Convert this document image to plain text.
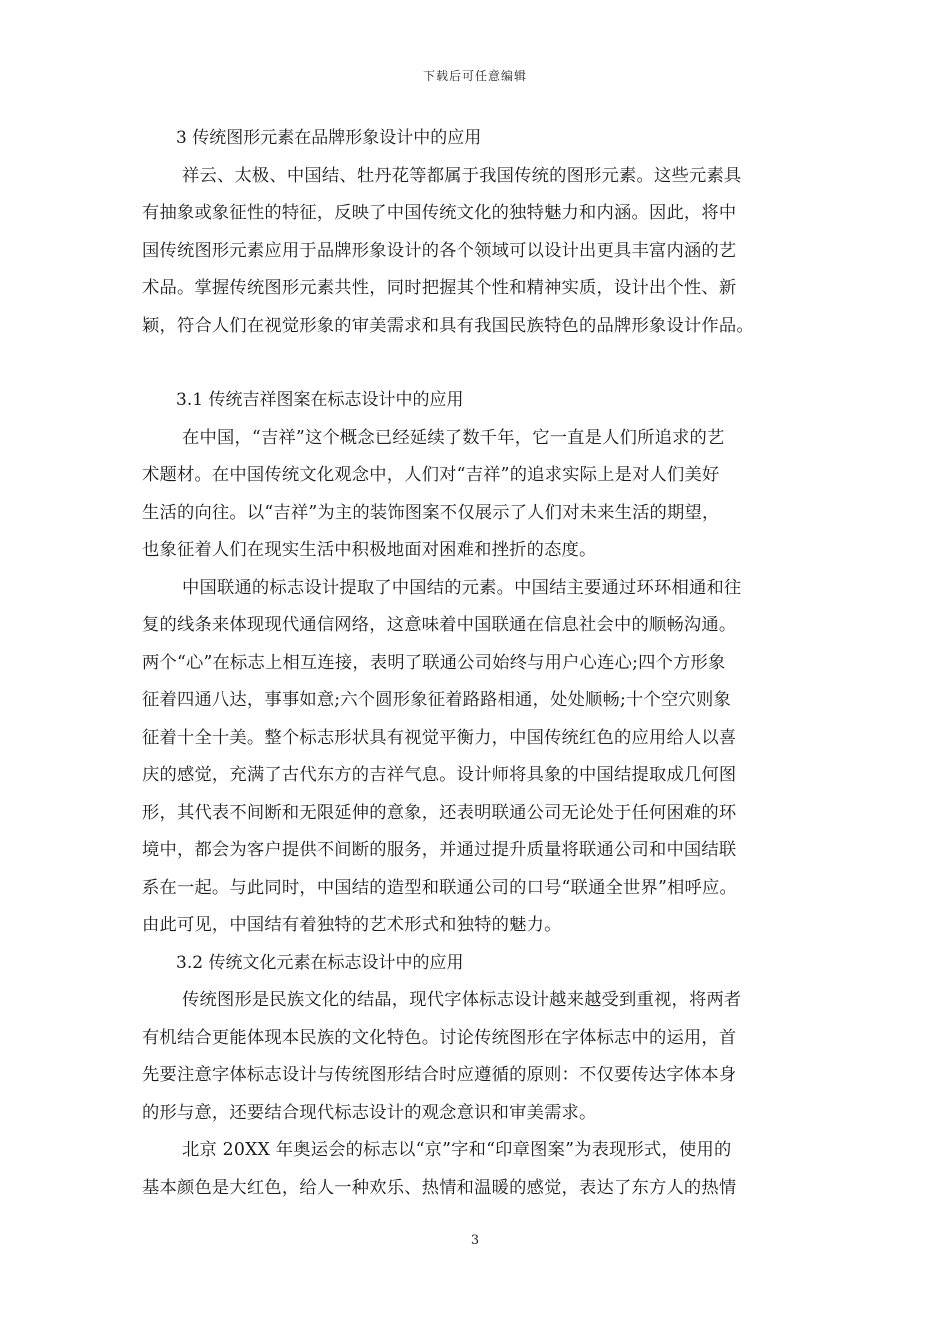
下载后可任意编辑
3 传统图形元素在品牌形象设计中的应用
祥云、太极、中国结、牡丹花等都属于我国传统的图形元素。这些元素具
有抽象或象征性的特征，反映了中国传统文化的独特魅力和内涵。因此，将中
国传统图形元素应用于品牌形象设计的各个领域可以设计出更具丰富内涵的艺
术品。掌握传统图形元素共性，同时把握其个性和精神实质，设计出个性、新
颖，符合人们在视觉形象的审美需求和具有我国民族特色的品牌形象设计作品。
3.1 传统吉祥图案在标志设计中的应用
在中国，“吉祥”这个概念已经延续了数千年，它一直是人们所追求的艺
术题材。在中国传统文化观念中，人们对“吉祥”的追求实际上是对人们美好
生活的向往。以“吉祥”为主的装饰图案不仅展示了人们对未来生活的期望，
也象征着人们在现实生活中积极地面对困难和挫折的态度。
中国联通的标志设计提取了中国结的元素。中国结主要通过环环相通和往
复的线条来体现现代通信网络，这意味着中国联通在信息社会中的顺畅沟通。
两个“心”在标志上相互连接，表明了联通公司始终与用户心连心;四个方形象
征着四通八达，事事如意;六个圆形象征着路路相通，处处顺畅;十个空穴则象
征着十全十美。整个标志形状具有视觉平衡力，中国传统红色的应用给人以喜
庆的感觉，充满了古代东方的吉祥气息。设计师将具象的中国结提取成几何图
形，其代表不间断和无限延伸的意象，还表明联通公司无论处于任何困难的环
境中，都会为客户提供不间断的服务，并通过提升质量将联通公司和中国结联
系在一起。与此同时，中国结的造型和联通公司的口号“联通全世界”相呼应。
由此可见，中国结有着独特的艺术形式和独特的魅力。
3.2 传统文化元素在标志设计中的应用
传统图形是民族文化的结晶，现代字体标志设计越来越受到重视，将两者
有机结合更能体现本民族的文化特色。讨论传统图形在字体标志中的运用，首
先要注意字体标志设计与传统图形结合时应遵循的原则：不仅要传达字体本身
的形与意，还要结合现代标志设计的观念意识和审美需求。
北京 20XX 年奥运会的标志以“京”字和“印章图案”为表现形式，使用的
基本颜色是大红色，给人一种欢乐、热情和温暖的感觉，表达了东方人的热情
3
